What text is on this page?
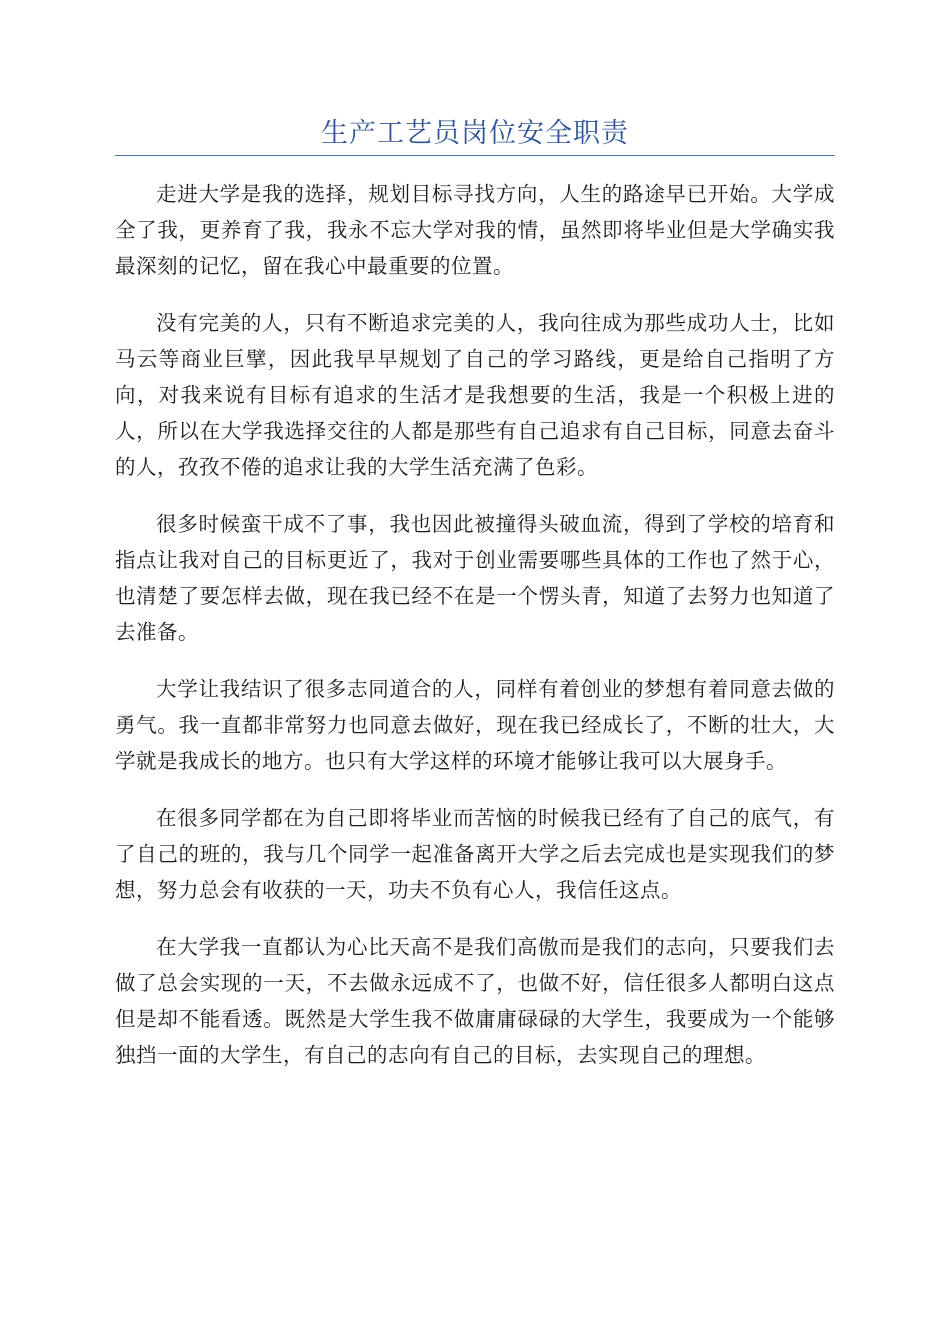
生产工艺员岗位安全职责

走进大学是我的选择，规划目标寻找方向，人生的路途早已开始。大学成全了我，更养育了我，我永不忘大学对我的情，虽然即将毕业但是大学确实我最深刻的记忆，留在我心中最重要的位置。

没有完美的人，只有不断追求完美的人，我向往成为那些成功人士，比如马云等商业巨擘，因此我早早规划了自己的学习路线，更是给自己指明了方向，对我来说有目标有追求的生活才是我想要的生活，我是一个积极上进的人，所以在大学我选择交往的人都是那些有自己追求有自己目标，同意去奋斗的人，孜孜不倦的追求让我的大学生活充满了色彩。

很多时候蛮干成不了事，我也因此被撞得头破血流，得到了学校的培育和指点让我对自己的目标更近了，我对于创业需要哪些具体的工作也了然于心，也清楚了要怎样去做，现在我已经不在是一个愣头青，知道了去努力也知道了去准备。

大学让我结识了很多志同道合的人，同样有着创业的梦想有着同意去做的勇气。我一直都非常努力也同意去做好，现在我已经成长了，不断的壮大，大学就是我成长的地方。也只有大学这样的环境才能够让我可以大展身手。

在很多同学都在为自己即将毕业而苦恼的时候我已经有了自己的底气，有了自己的班的，我与几个同学一起准备离开大学之后去完成也是实现我们的梦想，努力总会有收获的一天，功夫不负有心人，我信任这点。

在大学我一直都认为心比天高不是我们高傲而是我们的志向，只要我们去做了总会实现的一天，不去做永远成不了，也做不好，信任很多人都明白这点但是却不能看透。既然是大学生我不做庸庸碌碌的大学生，我要成为一个能够独挡一面的大学生，有自己的志向有自己的目标，去实现自己的理想。
